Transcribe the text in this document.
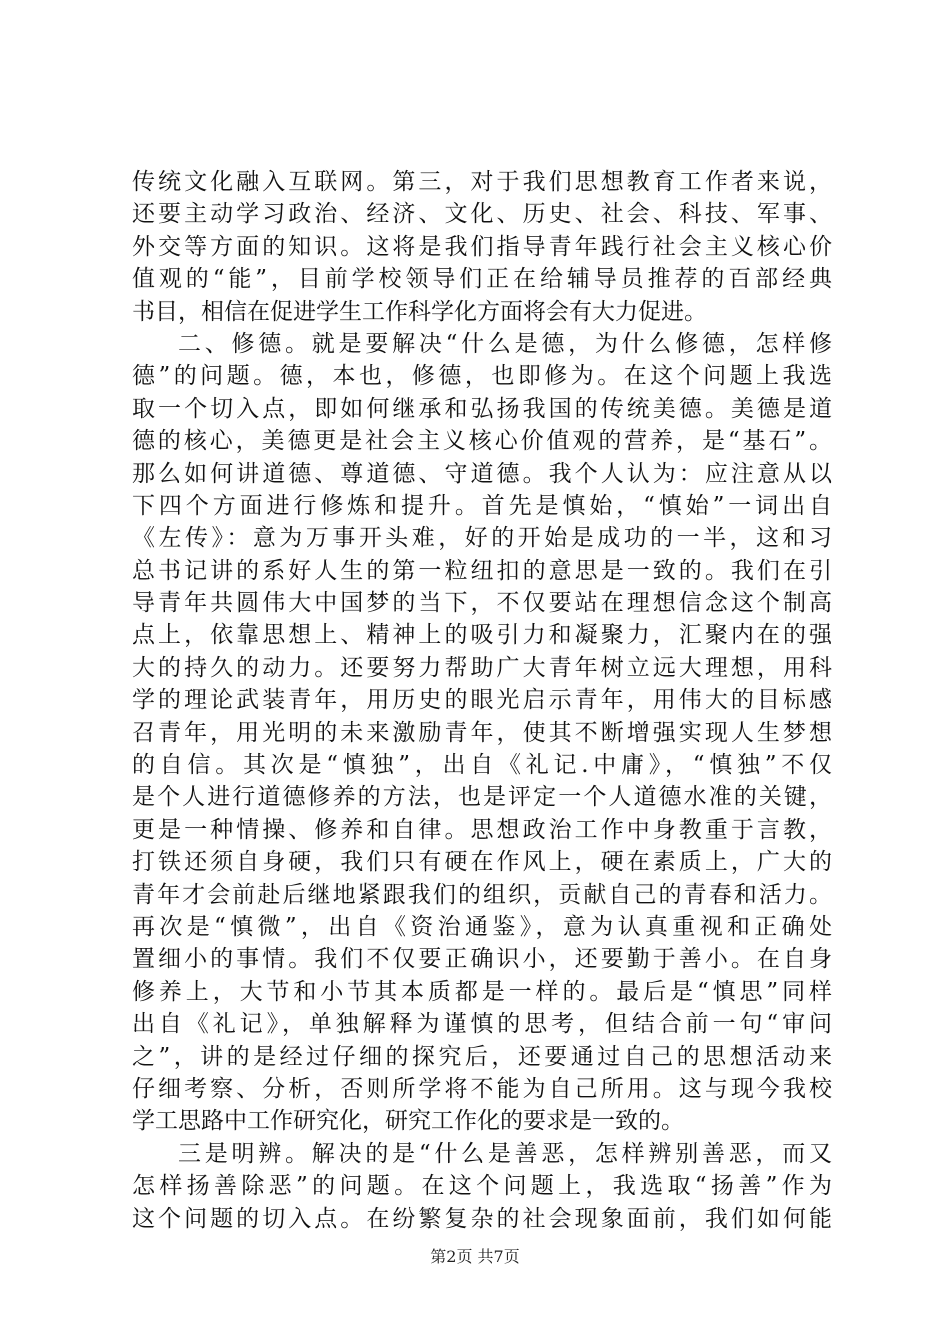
传统文化融入互联网。第三，对于我们思想教育工作者来说，
还要主动学习政治、经济、文化、历史、社会、科技、军事、
外交等方面的知识。这将是我们指导青年践行社会主义核心价
值观的“能”，目前学校领导们正在给辅导员推荐的百部经典
书目，相信在促进学生工作科学化方面将会有大力促进。
二、修德。就是要解决“什么是德，为什么修德，怎样修
德”的问题。德，本也，修德，也即修为。在这个问题上我选
取一个切入点，即如何继承和弘扬我国的传统美德。美德是道
德的核心，美德更是社会主义核心价值观的营养，是“基石”。
那么如何讲道德、尊道德、守道德。我个人认为：应注意从以
下四个方面进行修炼和提升。首先是慎始，“慎始”一词出自
《左传》：意为万事开头难，好的开始是成功的一半，这和习
总书记讲的系好人生的第一粒纽扣的意思是一致的。我们在引
导青年共圆伟大中国梦的当下，不仅要站在理想信念这个制高
点上，依靠思想上、精神上的吸引力和凝聚力，汇聚内在的强
大的持久的动力。还要努力帮助广大青年树立远大理想，用科
学的理论武装青年，用历史的眼光启示青年，用伟大的目标感
召青年，用光明的未来激励青年，使其不断增强实现人生梦想
的自信。其次是“慎独”，出自《礼记.中庸》，“慎独”不仅
是个人进行道德修养的方法，也是评定一个人道德水准的关键，
更是一种情操、修养和自律。思想政治工作中身教重于言教，
打铁还须自身硬，我们只有硬在作风上，硬在素质上，广大的
青年才会前赴后继地紧跟我们的组织，贡献自己的青春和活力。
再次是“慎微”，出自《资治通鉴》，意为认真重视和正确处
置细小的事情。我们不仅要正确识小，还要勤于善小。在自身
修养上，大节和小节其本质都是一样的。最后是“慎思”同样
出自《礼记》，单独解释为谨慎的思考，但结合前一句“审问
之”，讲的是经过仔细的探究后，还要通过自己的思想活动来
仔细考察、分析，否则所学将不能为自己所用。这与现今我校
学工思路中工作研究化，研究工作化的要求是一致的。
三是明辨。解决的是“什么是善恶，怎样辨别善恶，而又
怎样扬善除恶”的问题。在这个问题上，我选取“扬善”作为
这个问题的切入点。在纷繁复杂的社会现象面前，我们如何能
第2页 共7页
